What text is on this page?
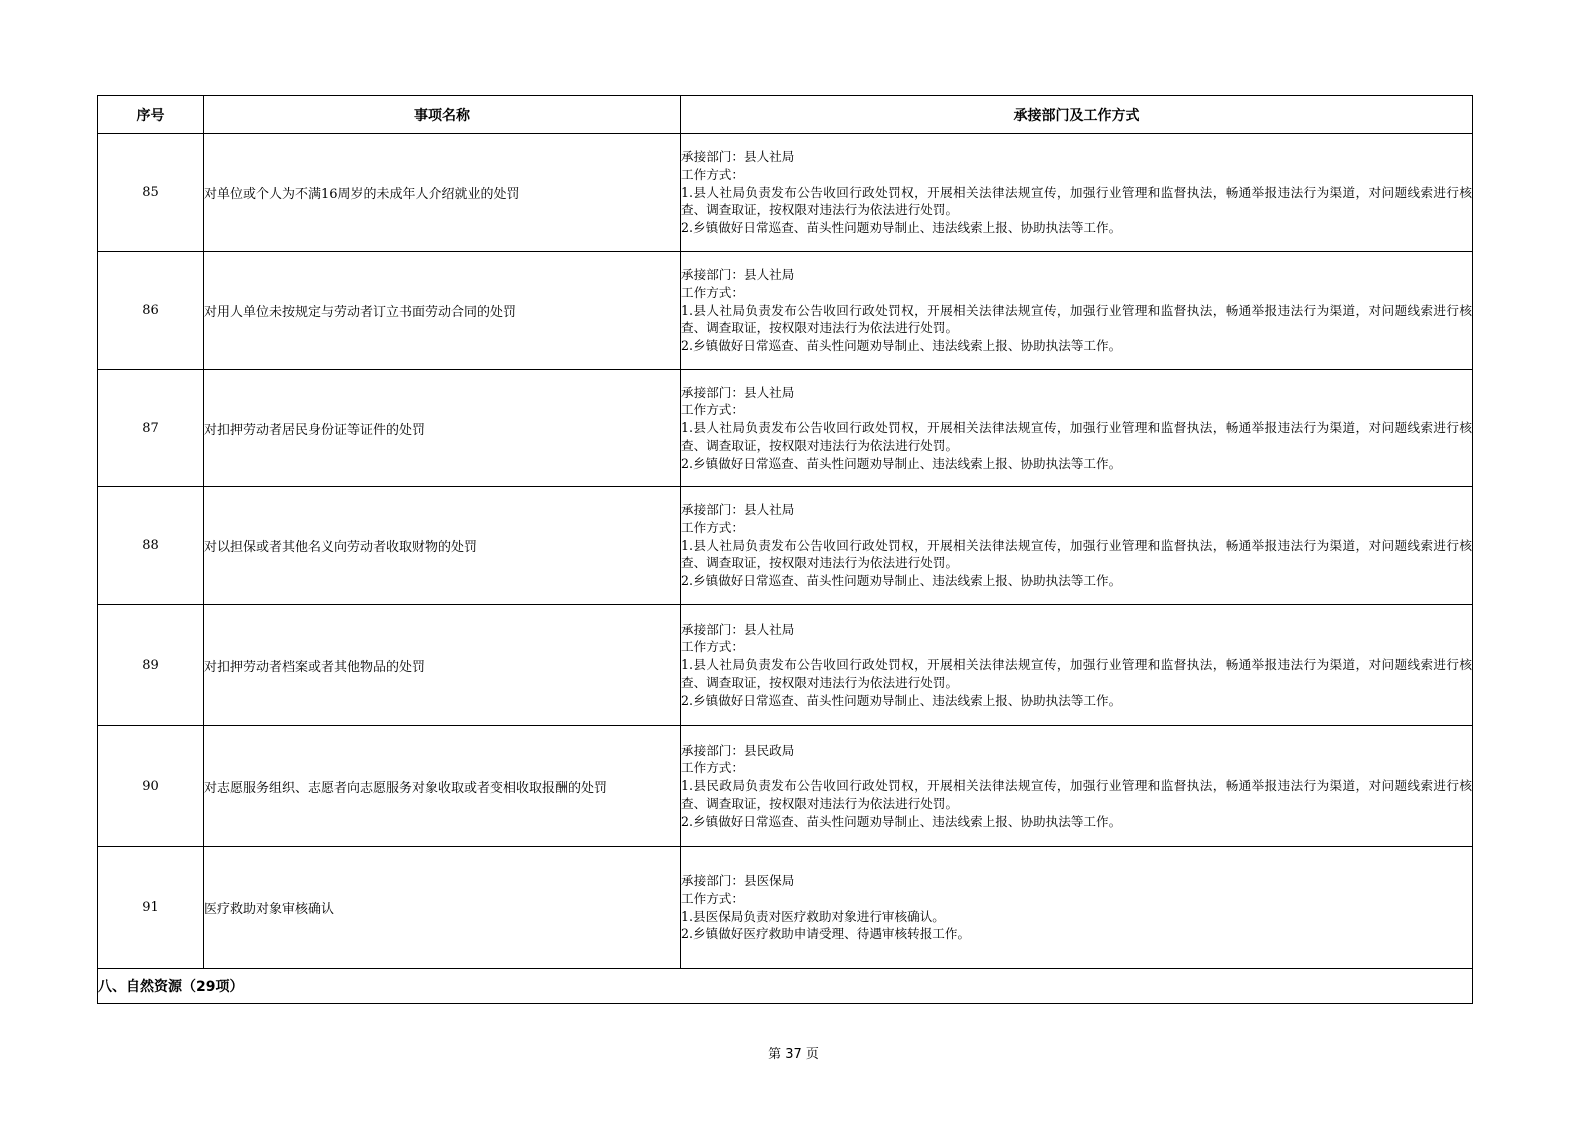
序号	事项名称	承接部门及工作方式
85	对单位或个人为不满16周岁的未成年人介绍就业的处罚	承接部门：县人社局
工作方式：
1.县人社局负责发布公告收回行政处罚权，开展相关法律法规宣传，加强行业管理和监督执法，畅通举报违法行为渠道，对问题线索进行核查、调查取证，按权限对违法行为依法进行处罚。
2.乡镇做好日常巡查、苗头性问题劝导制止、违法线索上报、协助执法等工作。

86	对用人单位未按规定与劳动者订立书面劳动合同的处罚	承接部门：县人社局
工作方式：
1.县人社局负责发布公告收回行政处罚权，开展相关法律法规宣传，加强行业管理和监督执法，畅通举报违法行为渠道，对问题线索进行核查、调查取证，按权限对违法行为依法进行处罚。
2.乡镇做好日常巡查、苗头性问题劝导制止、违法线索上报、协助执法等工作。

87	对扣押劳动者居民身份证等证件的处罚	承接部门：县人社局
工作方式：
1.县人社局负责发布公告收回行政处罚权，开展相关法律法规宣传，加强行业管理和监督执法，畅通举报违法行为渠道，对问题线索进行核查、调查取证，按权限对违法行为依法进行处罚。
2.乡镇做好日常巡查、苗头性问题劝导制止、违法线索上报、协助执法等工作。

88	对以担保或者其他名义向劳动者收取财物的处罚	承接部门：县人社局
工作方式：
1.县人社局负责发布公告收回行政处罚权，开展相关法律法规宣传，加强行业管理和监督执法，畅通举报违法行为渠道，对问题线索进行核查、调查取证，按权限对违法行为依法进行处罚。
2.乡镇做好日常巡查、苗头性问题劝导制止、违法线索上报、协助执法等工作。

89	对扣押劳动者档案或者其他物品的处罚	承接部门：县人社局
工作方式：
1.县人社局负责发布公告收回行政处罚权，开展相关法律法规宣传，加强行业管理和监督执法，畅通举报违法行为渠道，对问题线索进行核查、调查取证，按权限对违法行为依法进行处罚。
2.乡镇做好日常巡查、苗头性问题劝导制止、违法线索上报、协助执法等工作。

90	对志愿服务组织、志愿者向志愿服务对象收取或者变相收取报酬的处罚	承接部门：县民政局
工作方式：
1.县民政局负责发布公告收回行政处罚权，开展相关法律法规宣传，加强行业管理和监督执法，畅通举报违法行为渠道，对问题线索进行核查、调查取证，按权限对违法行为依法进行处罚。
2.乡镇做好日常巡查、苗头性问题劝导制止、违法线索上报、协助执法等工作。

91	医疗救助对象审核确认	承接部门：县医保局
工作方式：
1.县医保局负责对医疗救助对象进行审核确认。
2.乡镇做好医疗救助申请受理、待遇审核转报工作。

八、自然资源（29项）		
第 37 页
